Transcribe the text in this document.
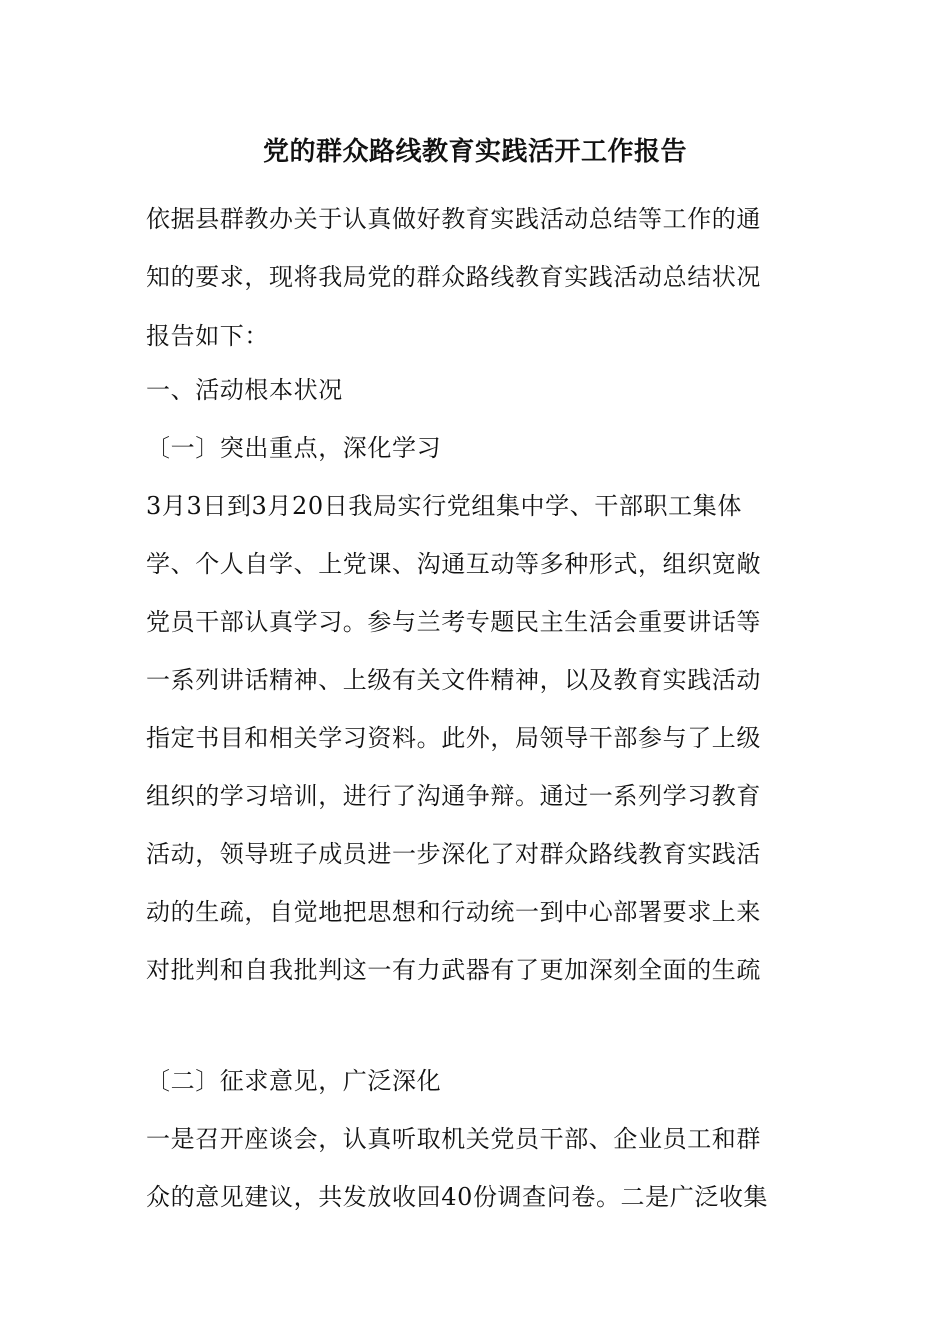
党的群众路线教育实践活开工作报告
依据县群教办关于认真做好教育实践活动总结等工作的通
知的要求，现将我局党的群众路线教育实践活动总结状况
报告如下：
一、活动根本状况
〔一〕突出重点，深化学习
3月3日到3月20日我局实行党组集中学、干部职工集体
学、个人自学、上党课、沟通互动等多种形式，组织宽敞
党员干部认真学习。参与兰考专题民主生活会重要讲话等
一系列讲话精神、上级有关文件精神，以及教育实践活动
指定书目和相关学习资料。此外，局领导干部参与了上级
组织的学习培训，进行了沟通争辩。通过一系列学习教育
活动，领导班子成员进一步深化了对群众路线教育实践活
动的生疏，自觉地把思想和行动统一到中心部署要求上来
对批判和自我批判这一有力武器有了更加深刻全面的生疏
〔二〕征求意见，广泛深化
一是召开座谈会，认真听取机关党员干部、企业员工和群
众的意见建议，共发放收回40份调查问卷。二是广泛收集
